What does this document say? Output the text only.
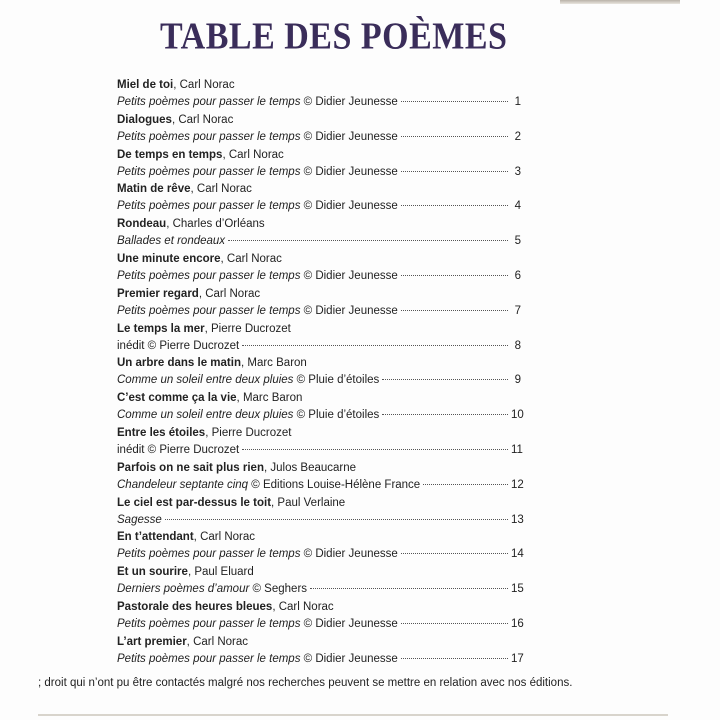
TABLE DES POÈMES
Miel de toi, Carl Norac
Petits poèmes pour passer le temps
© Didier Jeunesse	1
Dialogues, Carl Norac
Petits poèmes pour passer le temps
© Didier Jeunesse	2
De temps en temps, Carl Norac
Petits poèmes pour passer le temps
© Didier Jeunesse	3
Matin de rêve, Carl Norac
Petits poèmes pour passer le temps
© Didier Jeunesse	4
Rondeau, Charles d’Orléans
Ballades et rondeaux	5
Une minute encore, Carl Norac
Petits poèmes pour passer le temps
© Didier Jeunesse	6
Premier regard, Carl Norac
Petits poèmes pour passer le temps
© Didier Jeunesse	7
Le temps la mer, Pierre Ducrozet
inédit © Pierre Ducrozet	8
Un arbre dans le matin, Marc Baron
Comme un soleil entre deux pluies
© Pluie d’étoiles	9
C’est comme ça la vie, Marc Baron
Comme un soleil entre deux pluies
© Pluie d’étoiles	10
Entre les étoiles, Pierre Ducrozet
inédit © Pierre Ducrozet	11
Parfois on ne sait plus rien, Julos Beaucarne
Chandeleur septante cinq
© Editions Louise-Hélène France	12
Le ciel est par-dessus le toit, Paul Verlaine
Sagesse	13
En t’attendant, Carl Norac
Petits poèmes pour passer le temps
© Didier Jeunesse	14
Et un sourire, Paul Eluard
Derniers poèmes d’amour
© Seghers	15
Pastorale des heures bleues, Carl Norac
Petits poèmes pour passer le temps
© Didier Jeunesse	16
L’art premier, Carl Norac
Petits poèmes pour passer le temps
© Didier Jeunesse	17

; droit qui n’ont pu être contactés malgré nos recherches peuvent se mettre en relation avec nos éditions.
